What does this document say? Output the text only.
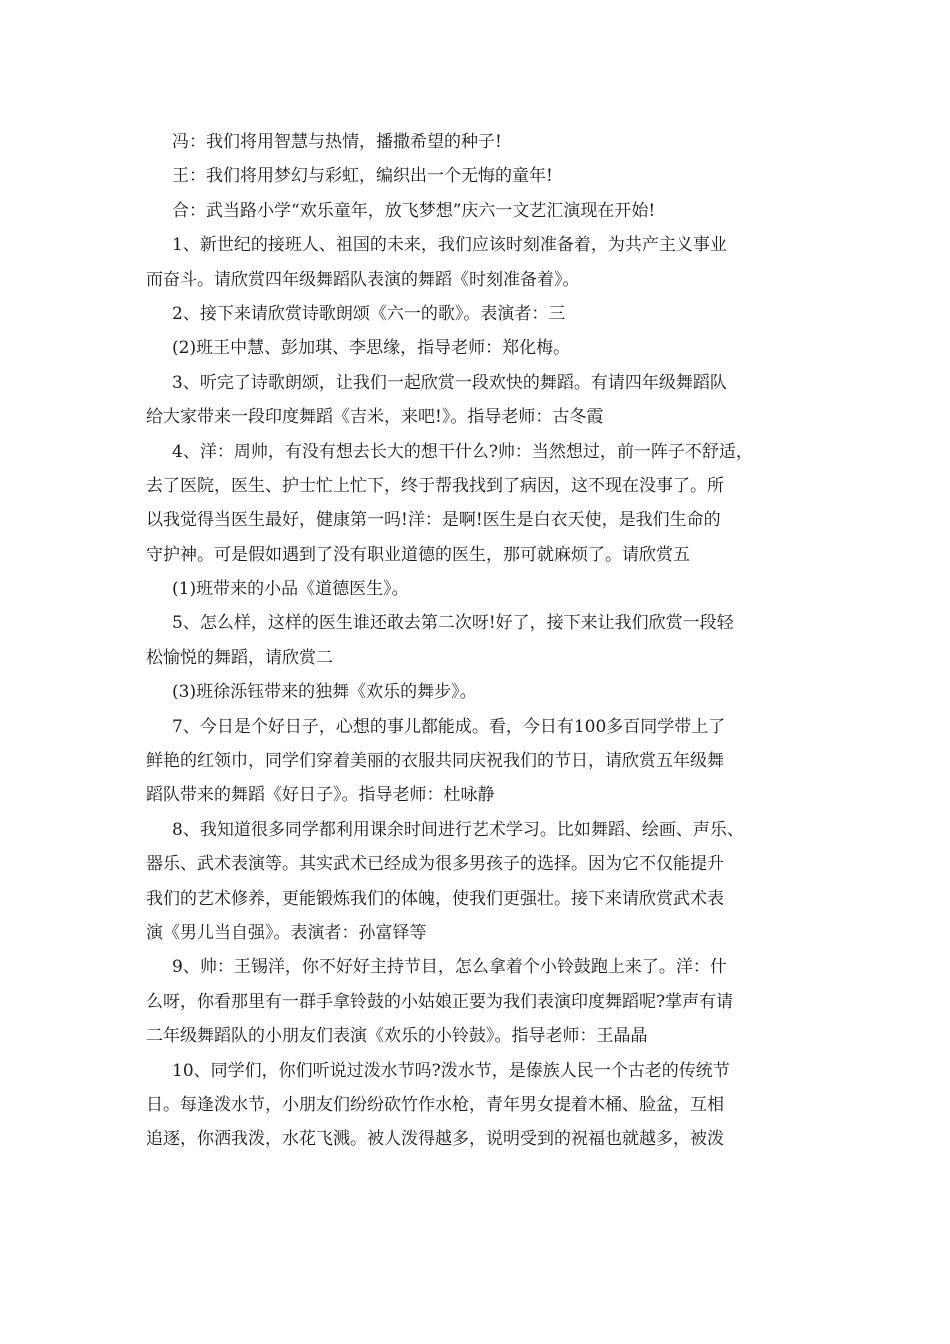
冯：我们将用智慧与热情，播撒希望的种子!
王：我们将用梦幻与彩虹，编织出一个无悔的童年!
合：武当路小学“欢乐童年，放飞梦想”庆六一文艺汇演现在开始!
1、新世纪的接班人、祖国的未来，我们应该时刻准备着，为共产主义事业
而奋斗。请欣赏四年级舞蹈队表演的舞蹈《时刻准备着》。
2、接下来请欣赏诗歌朗颂《六一的歌》。表演者：三
(2)班王中慧、彭加琪、李思缘，指导老师：郑化梅。
3、听完了诗歌朗颂，让我们一起欣赏一段欢快的舞蹈。有请四年级舞蹈队
给大家带来一段印度舞蹈《吉米，来吧!》。指导老师：古冬霞
4、洋：周帅，有没有想去长大的想干什么?帅：当然想过，前一阵子不舒适，
去了医院，医生、护士忙上忙下，终于帮我找到了病因，这不现在没事了。所
以我觉得当医生最好，健康第一吗!洋：是啊!医生是白衣天使，是我们生命的
守护神。可是假如遇到了没有职业道德的医生，那可就麻烦了。请欣赏五
(1)班带来的小品《道德医生》。
5、怎么样，这样的医生谁还敢去第二次呀!好了，接下来让我们欣赏一段轻
松愉悦的舞蹈，请欣赏二
(3)班徐泺钰带来的独舞《欢乐的舞步》。
7、今日是个好日子，心想的事儿都能成。看，今日有100多百同学带上了
鲜艳的红领巾，同学们穿着美丽的衣服共同庆祝我们的节日，请欣赏五年级舞
蹈队带来的舞蹈《好日子》。指导老师：杜咏静
8、我知道很多同学都利用课余时间进行艺术学习。比如舞蹈、绘画、声乐、
器乐、武术表演等。其实武术已经成为很多男孩子的选择。因为它不仅能提升
我们的艺术修养，更能锻炼我们的体魄，使我们更强壮。接下来请欣赏武术表
演《男儿当自强》。表演者：孙富铎等
9、帅：王锡洋，你不好好主持节目，怎么拿着个小铃鼓跑上来了。洋：什
么呀，你看那里有一群手拿铃鼓的小姑娘正要为我们表演印度舞蹈呢?掌声有请
二年级舞蹈队的小朋友们表演《欢乐的小铃鼓》。指导老师：王晶晶
10、同学们，你们听说过泼水节吗?泼水节，是傣族人民一个古老的传统节
日。每逢泼水节，小朋友们纷纷砍竹作水枪，青年男女提着木桶、脸盆，互相
追逐，你洒我泼，水花飞溅。被人泼得越多，说明受到的祝福也就越多，被泼
